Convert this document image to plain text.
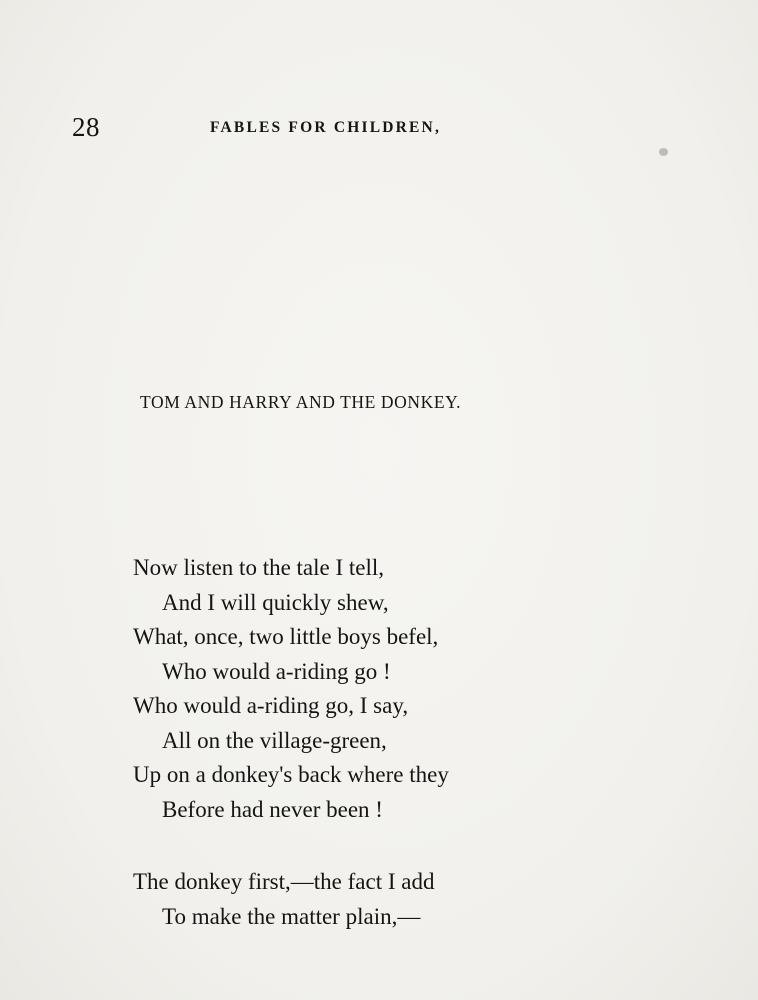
28	FABLES FOR CHILDREN,
TOM AND HARRY AND THE DONKEY.
Now listen to the tale I tell,
And I will quickly shew,
What, once, two little boys befel,
Who would a-riding go !
Who would a-riding go, I say,
All on the village-green,
Up on a donkey's back where they
Before had never been !
The donkey first,—the fact I add
To make the matter plain,—
